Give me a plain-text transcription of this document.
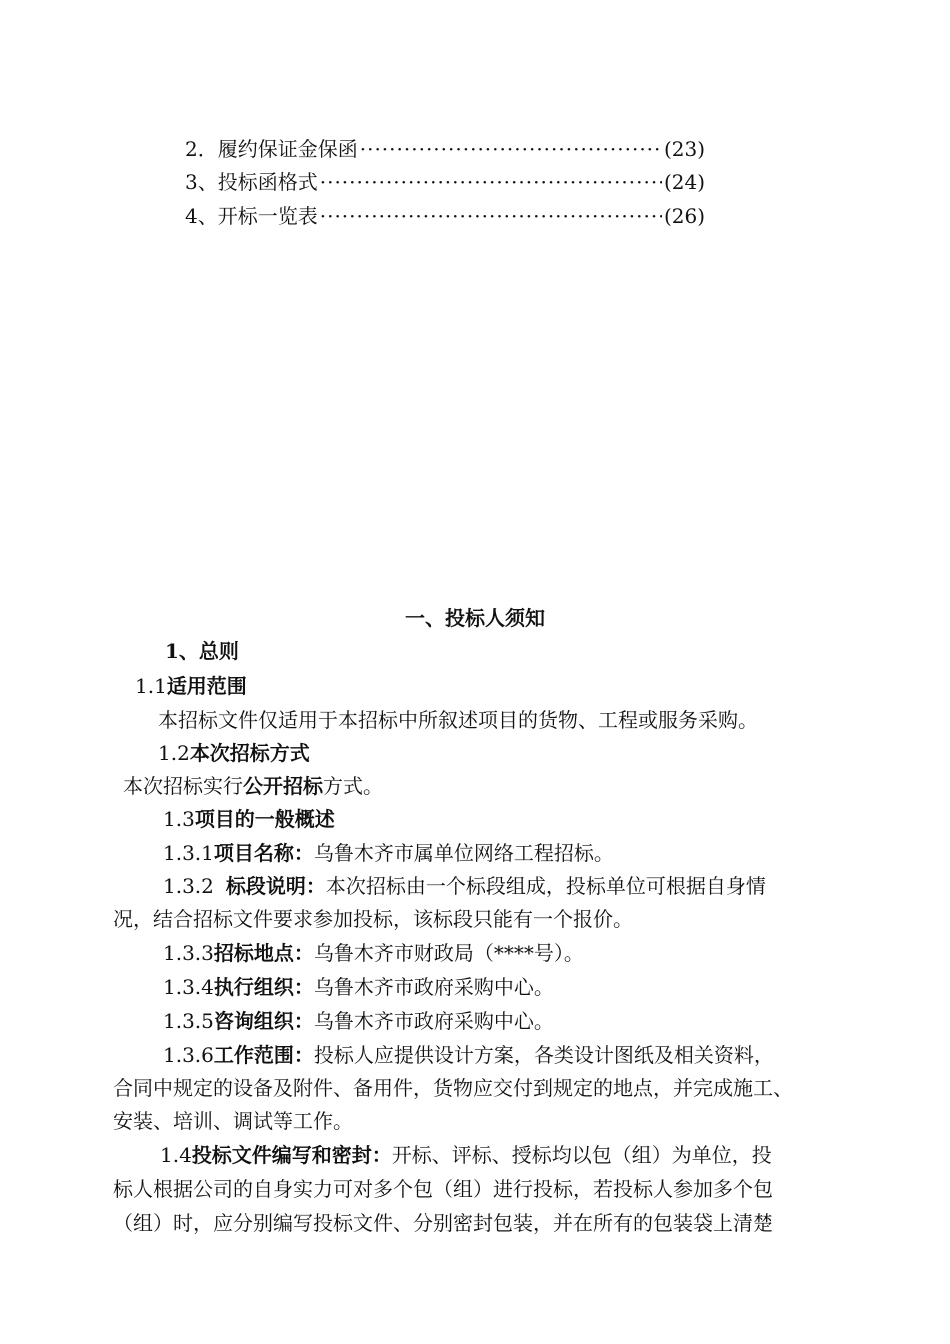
2．履约保证金保函 ·····	(23)
3、投标函格式 ·····	(24)
4、开标一览表 ·····	(26)
一、投标人须知
1、总则
1.1适用范围
本招标文件仅适用于本招标中所叙述项目的货物、工程或服务采购。
1.2本次招标方式
本次招标实行公开招标方式。
1.3项目的一般概述
1.3.1项目名称：乌鲁木齐市属单位网络工程招标。
1.3.2 标段说明：本次招标由一个标段组成，投标单位可根据自身情
况，结合招标文件要求参加投标，该标段只能有一个报价。
1.3.3招标地点：乌鲁木齐市财政局（****号）。
1.3.4执行组织：乌鲁木齐市政府采购中心。
1.3.5咨询组织：乌鲁木齐市政府采购中心。
1.3.6工作范围：投标人应提供设计方案，各类设计图纸及相关资料，
合同中规定的设备及附件、备用件，货物应交付到规定的地点，并完成施工、
安装、培训、调试等工作。
1.4投标文件编写和密封：开标、评标、授标均以包（组）为单位，投
标人根据公司的自身实力可对多个包（组）进行投标，若投标人参加多个包
（组）时，应分别编写投标文件、分别密封包装，并在所有的包装袋上清楚
